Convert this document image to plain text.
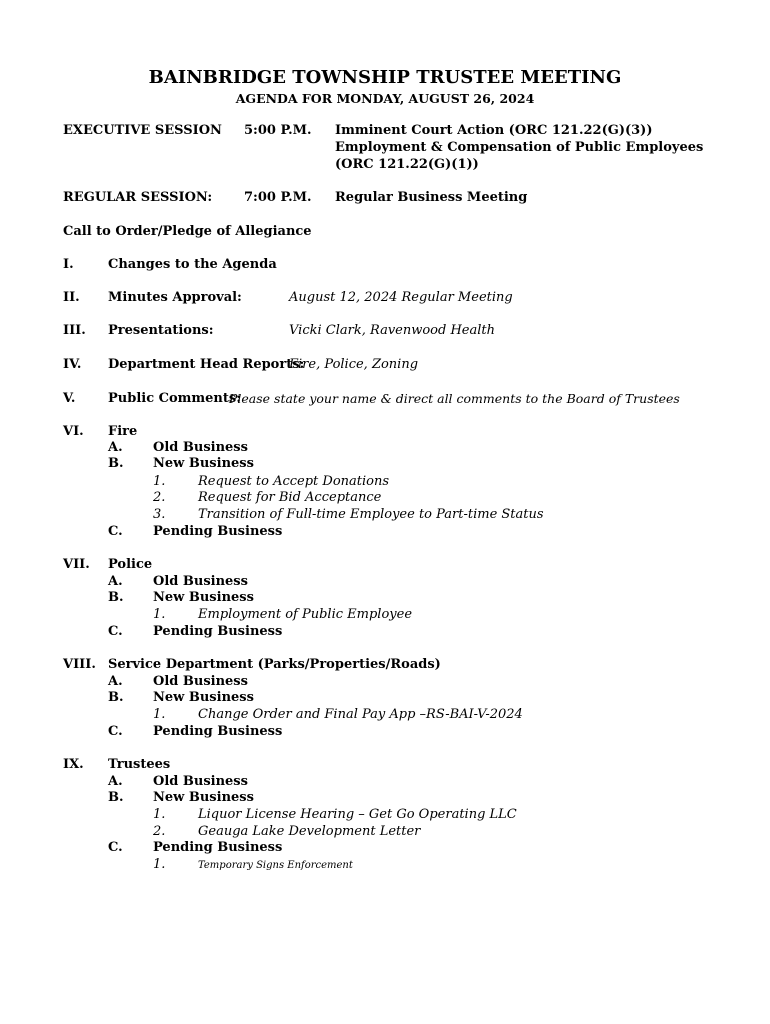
BAINBRIDGE TOWNSHIP TRUSTEE MEETING
AGENDA FOR MONDAY, AUGUST 26, 2024
EXECUTIVE SESSION 5:00 P.M. Imminent Court Action (ORC 121.22(G)(3))
Employment & Compensation of Public Employees
(ORC 121.22(G)(1))
REGULAR SESSION: 7:00 P.M. Regular Business Meeting
Call to Order/Pledge of Allegiance
I.	Changes to the Agenda
II. Minutes Approval:	August 12, 2024 Regular Meeting
III. Presentations:	Vicki Clark, Ravenwood Health
IV. Department Head Reports:
Fire, Police, Zoning
V.	Public Comments:
Please state your name & direct all comments to the Board of Trustees
VI. Fire
A. Old Business
B. New Business
1.	Request to Accept Donations
2.	Request for Bid Acceptance
3.	Transition of Full-time Employee to Part-time Status
C. Pending Business
VII. Police
A. Old Business
B. New Business
1.	Employment of Public Employee
C. Pending Business
VIII. Service Department (Parks/Properties/Roads)
A. Old Business
B. New Business
1.	Change Order and Final Pay App –RS-BAI-V-2024
C. Pending Business
IX. Trustees
A. Old Business
B. New Business
1.	Liquor License Hearing – Get Go Operating LLC
2.	Geauga Lake Development Letter
C. Pending Business
1.	Temporary Signs Enforcement
